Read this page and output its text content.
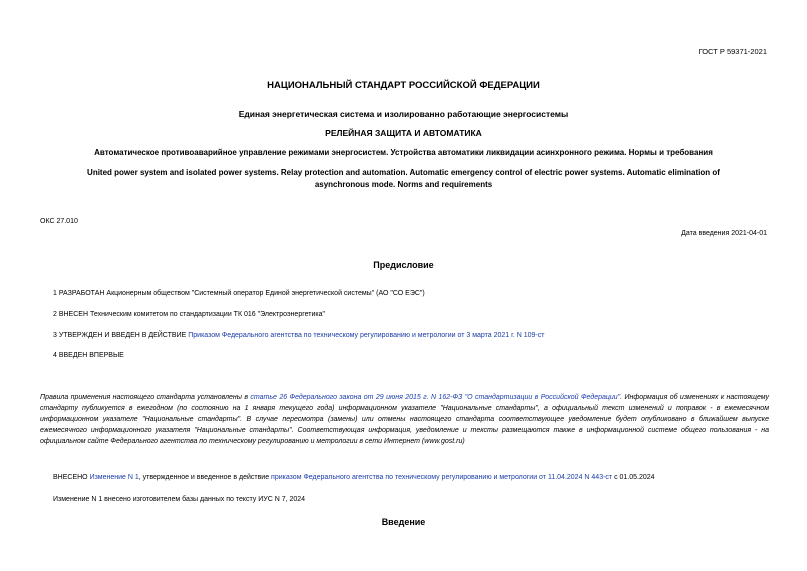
ГОСТ Р 59371-2021
НАЦИОНАЛЬНЫЙ СТАНДАРТ РОССИЙСКОЙ ФЕДЕРАЦИИ
Единая энергетическая система и изолированно работающие энергосистемы
РЕЛЕЙНАЯ ЗАЩИТА И АВТОМАТИКА
Автоматическое противоаварийное управление режимами энергосистем. Устройства автоматики ликвидации асинхронного режима. Нормы и требования
United power system and isolated power systems. Relay protection and automation. Automatic emergency control of electric power systems. Automatic elimination of asynchronous mode. Norms and requirements
ОКС 27.010
Дата введения 2021-04-01
Предисловие
1 РАЗРАБОТАН Акционерным обществом "Системный оператор Единой энергетической системы" (АО "СО ЕЭС")
2 ВНЕСЕН Техническим комитетом по стандартизации ТК 016 "Электроэнергетика"
3 УТВЕРЖДЕН И ВВЕДЕН В ДЕЙСТВИЕ Приказом Федерального агентства по техническому регулированию и метрологии от 3 марта 2021 г. N 109-ст
4 ВВЕДЕН ВПЕРВЫЕ
Правила применения настоящего стандарта установлены в статье 26 Федерального закона от 29 июня 2015 г. N 162-ФЗ "О стандартизации в Российской Федерации". Информация об изменениях к настоящему стандарту публикуется в ежегодном (по состоянию на 1 января текущего года) информационном указателе "Национальные стандарты", а официальный текст изменений и поправок - в ежемесячном информационном указателе "Национальные стандарты". В случае пересмотра (замены) или отмены настоящего стандарта соответствующее уведомление будет опубликовано в ближайшем выпуске ежемесячного информационного указателя "Национальные стандарты". Соответствующая информация, уведомление и тексты размещаются также в информационной системе общего пользования - на официальном сайте Федерального агентства по техническому регулированию и метрологии в сети Интернет (www.gost.ru)
ВНЕСЕНО Изменение N 1, утвержденное и введенное в действие приказом Федерального агентства по техническому регулированию и метрологии от 11.04.2024 N 443-ст с 01.05.2024
Изменение N 1 внесено изготовителем базы данных по тексту ИУС N 7, 2024
Введение
